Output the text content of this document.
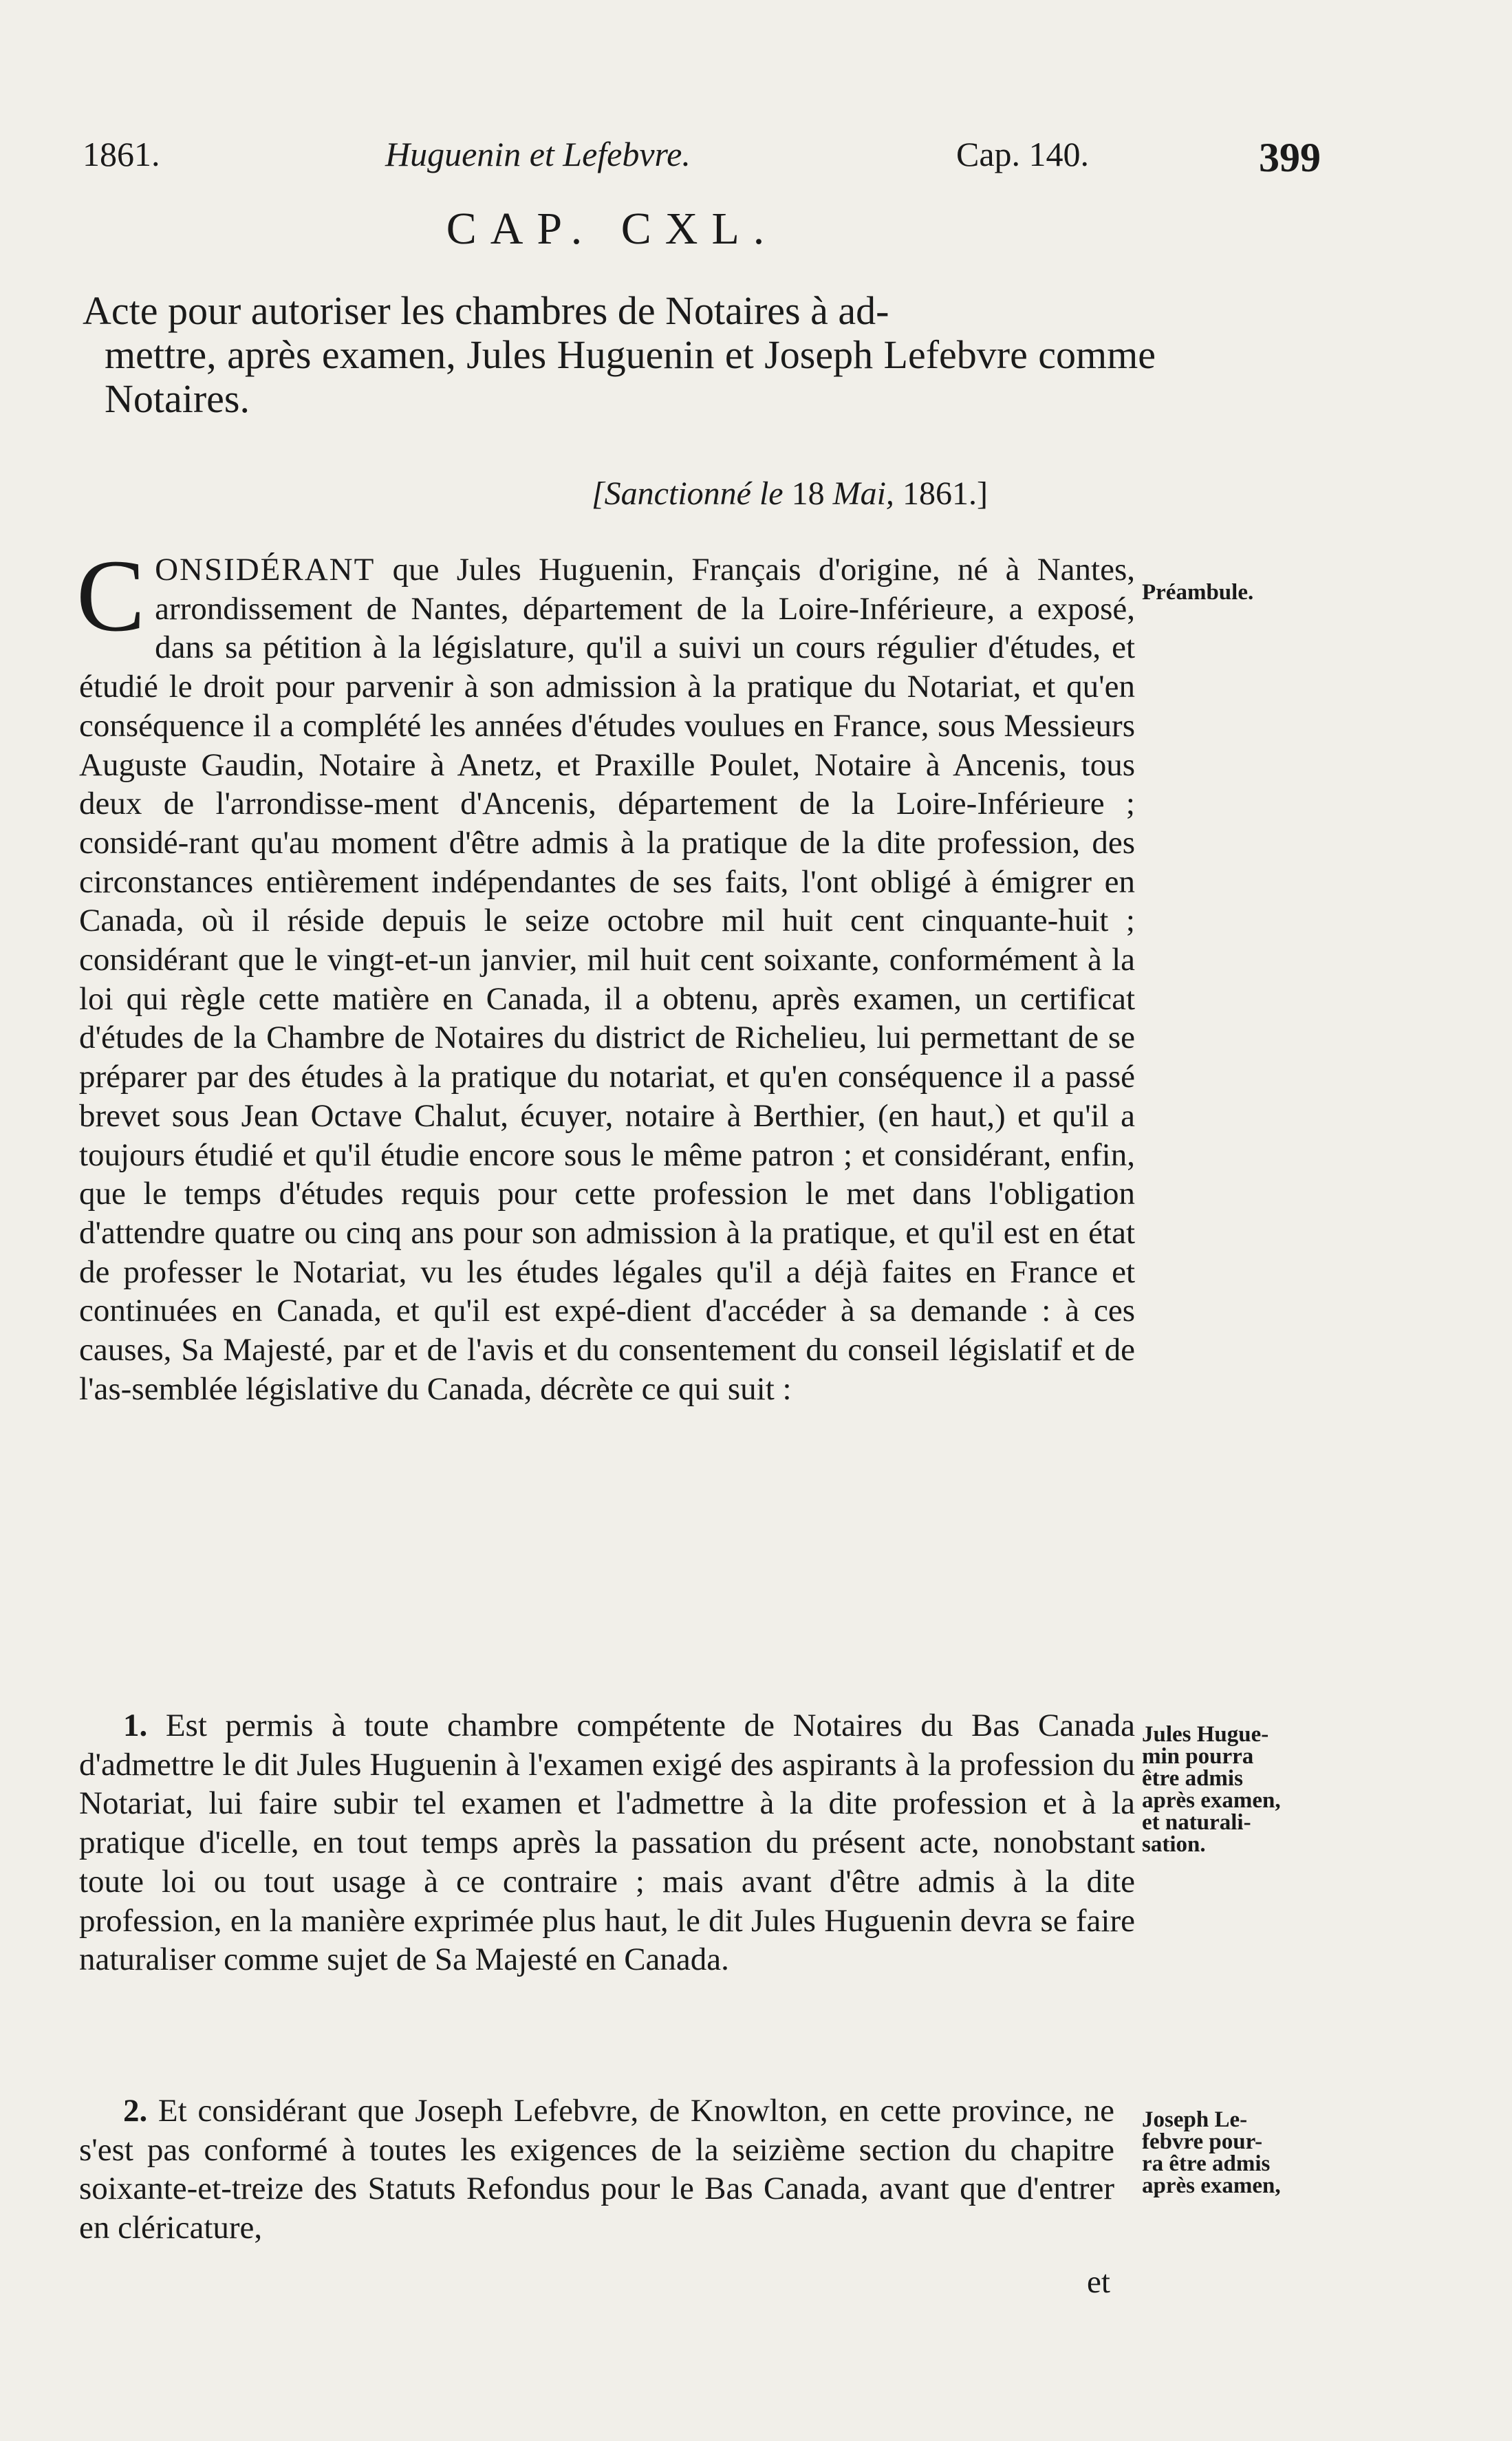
1861.	Huguenin et Lefebvre.	Cap. 140.	399
CAP. CXL.
Acte pour autoriser les chambres de Notaires à ad-
mettre, après examen, Jules Huguenin et Joseph Lefebvre comme Notaires.
[Sanctionné le 18 Mai, 1861.]
CONSIDÉRANT que Jules Huguenin, Français d'origine, né à Nantes, arrondissement de Nantes, département de la Loire-Inférieure, a exposé, dans sa pétition à la législature, qu'il a suivi un cours régulier d'études, et étudié le droit pour parvenir à son admission à la pratique du Notariat, et qu'en conséquence il a complété les années d'études voulues en France, sous Messieurs Auguste Gaudin, Notaire à Anetz, et Praxille Poulet, Notaire à Ancenis, tous deux de l'arrondisse-ment d'Ancenis, département de la Loire-Inférieure ; considé-rant qu'au moment d'être admis à la pratique de la dite profession, des circonstances entièrement indépendantes de ses faits, l'ont obligé à émigrer en Canada, où il réside depuis le seize octobre mil huit cent cinquante-huit ; considérant que le vingt-et-un janvier, mil huit cent soixante, conformément à la loi qui règle cette matière en Canada, il a obtenu, après examen, un certificat d'études de la Chambre de Notaires du district de Richelieu, lui permettant de se préparer par des études à la pratique du notariat, et qu'en conséquence il a passé brevet sous Jean Octave Chalut, écuyer, notaire à Berthier, (en haut,) et qu'il a toujours étudié et qu'il étudie encore sous le même patron ; et considérant, enfin, que le temps d'études requis pour cette profession le met dans l'obligation d'attendre quatre ou cinq ans pour son admission à la pratique, et qu'il est en état de professer le Notariat, vu les études légales qu'il a déjà faites en France et continuées en Canada, et qu'il est expé-dient d'accéder à sa demande : à ces causes, Sa Majesté, par et de l'avis et du consentement du conseil législatif et de l'as-semblée législative du Canada, décrète ce qui suit :
Préambule.
1. Est permis à toute chambre compétente de Notaires du Bas Canada d'admettre le dit Jules Huguenin à l'examen exigé des aspirants à la profession du Notariat, lui faire subir tel examen et l'admettre à la dite profession et à la pratique d'icelle, en tout temps après la passation du présent acte, nonobstant toute loi ou tout usage à ce contraire ; mais avant d'être admis à la dite profession, en la manière exprimée plus haut, le dit Jules Huguenin devra se faire naturaliser comme sujet de Sa Majesté en Canada.
Jules Hugue-
min pourra
être admis
après examen,
et naturali-
sation.
2. Et considérant que Joseph Lefebvre, de Knowlton, en cette province, ne s'est pas conformé à toutes les exigences de la seizième section du chapitre soixante-et-treize des Statuts Refondus pour le Bas Canada, avant que d'entrer en cléricature,
Joseph Le-
febvre pour-
ra être admis
après examen,
et
